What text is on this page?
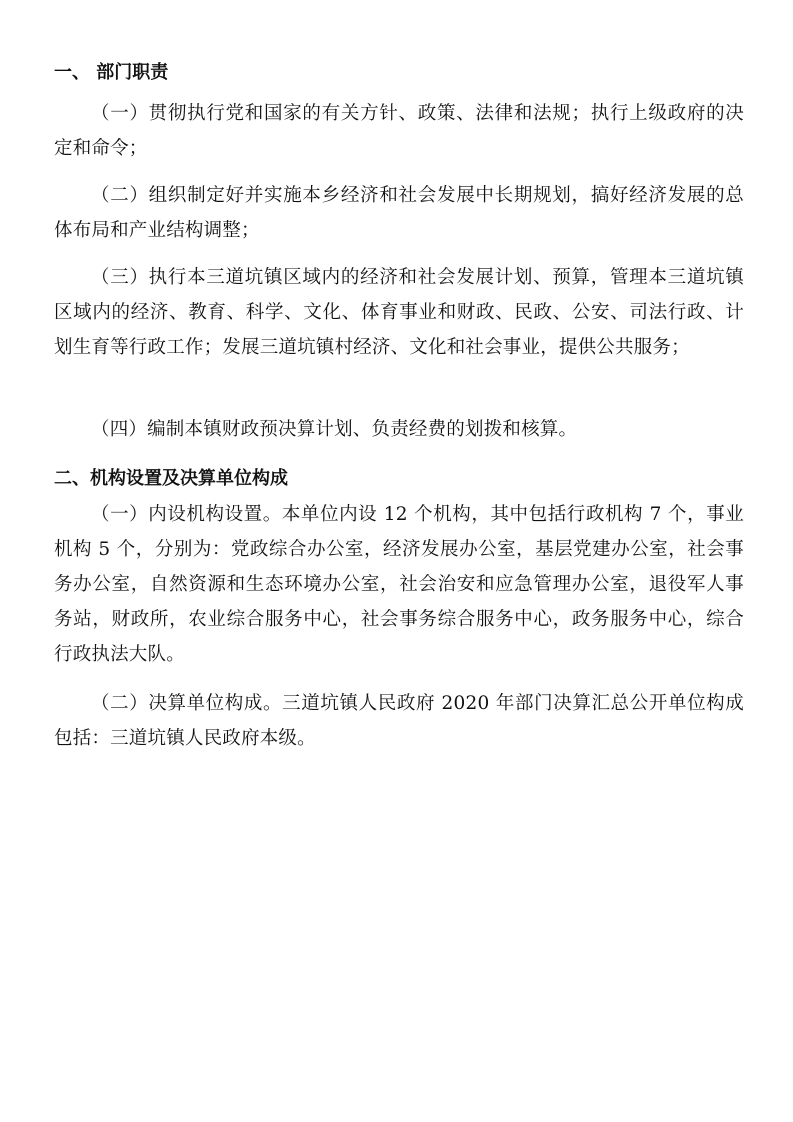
一、 部门职责

（一）贯彻执行党和国家的有关方针、政策、法律和法规；执行上级政府的决定和命令；

（二）组织制定好并实施本乡经济和社会发展中长期规划，搞好经济发展的总体布局和产业结构调整；

（三）执行本三道坑镇区域内的经济和社会发展计划、预算，管理本三道坑镇区域内的经济、教育、科学、文化、体育事业和财政、民政、公安、司法行政、计划生育等行政工作；发展三道坑镇村经济、文化和社会事业，提供公共服务；

（四）编制本镇财政预决算计划、负责经费的划拨和核算。

二、机构设置及决算单位构成

（一）内设机构设置。本单位内设 12 个机构，其中包括行政机构 7 个，事业机构 5 个，分别为：党政综合办公室，经济发展办公室，基层党建办公室，社会事务办公室，自然资源和生态环境办公室，社会治安和应急管理办公室，退役军人事务站，财政所，农业综合服务中心，社会事务综合服务中心，政务服务中心，综合行政执法大队。

（二）决算单位构成。三道坑镇人民政府 2020 年部门决算汇总公开单位构成包括：三道坑镇人民政府本级。
